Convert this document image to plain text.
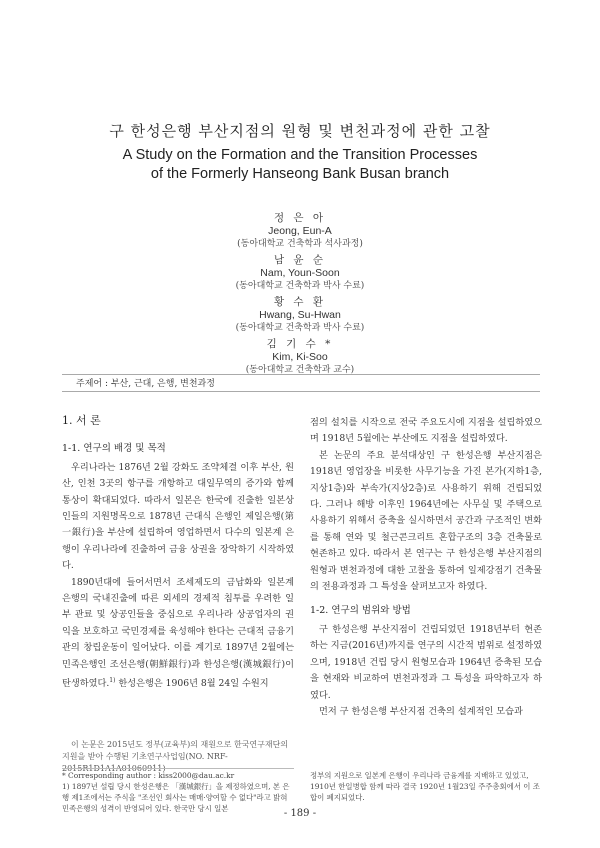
구 한성은행 부산지점의 원형 및 변천과정에 관한 고찰
A Study on the Formation and the Transition Processes
of the Formerly Hanseong Bank Busan branch
정 은 아
Jeong, Eun-A
(동아대학교 건축학과 석사과정)
남 윤 순
Nam, Youn-Soon
(동아대학교 건축학과 박사 수료)
황 수 환
Hwang, Su-Hwan
(동아대학교 건축학과 박사 수료)
김 기 수 *
Kim, Ki-Soo
(동아대학교 건축학과 교수)
주제어 : 부산, 근대, 은행, 변천과정
1. 서 론
1-1. 연구의 배경 및 목적

우리나라는 1876년 2월 강화도 조약체결 이후 부산, 원산, 인천 3곳의 항구를 개항하고 대일무역의 증가와 함께 통상이 확대되었다. 따라서 일본은 한국에 진출한 일본상인들의 지원명목으로 1878년 근대식 은행인 제일은행(第一銀行)을 부산에 설립하여 영업하면서 다수의 일본계 은행이 우리나라에 진출하여 금융 상권을 장악하기 시작하였다.

1890년대에 들어서면서 조세제도의 금납화와 일본계 은행의 국내진출에 따른 외세의 경제적 침투를 우려한 일부 관료 및 상공인들을 중심으로 우리나라 상공업자의 권익을 보호하고 국민경제를 육성해야 한다는 근대적 금융기관의 창립운동이 일어났다. 이를 계기로 1897년 2월에는 민족은행인 조선은행(朝鮮銀行)과 한성은행(漢城銀行)이 탄생하였다.$^{1)}$ 한성은행은 1906년 8월 24일 수원지

이 논문은 2015년도 정부(교육부)의 재원으로 한국연구재단의 지원을 받아 수행된 기초연구사업임(NO. NRF-2015R1D1A1A01060911)
* Corresponding author : kiss2000@dau.ac.kr
1) 1897년 설립 당시 한성은행은 「漢城銀行」을 제정하였으며, 본 은행 제1조에서는 주식을 "조선인 회사는 매매·양여할 수 없다"라고 밝혀 민족은행의 성격이 반영되어 있다. 한국만 당시 일본

점의 설치를 시작으로 전국 주요도시에 지점을 설립하였으며 1918년 5월에는 부산에도 지점을 설립하였다.

본 논문의 주요 분석대상인 구 한성은행 부산지점은 1918년 영업장을 비롯한 사무기능을 가진 본가(지하1층, 지상1층)와 부속가(지상2층)로 사용하기 위해 건립되었다. 그러나 해방 이후인 1964년에는 사무실 및 주택으로 사용하기 위해서 증축을 실시하면서 공간과 구조적인 변화를 통해 연와 및 철근콘크리트 혼합구조의 3층 건축물로 현존하고 있다. 따라서 본 연구는 구 한성은행 부산지점의 원형과 변천과정에 대한 고찰을 통하여 일제강점기 건축물의 전용과정과 그 특성을 살펴보고자 하였다.

1-2. 연구의 범위와 방법

구 한성은행 부산지점이 건립되었던 1918년부터 현존하는 지금(2016년)까지를 연구의 시간적 범위로 설정하였으며, 1918년 건립 당시 원형모습과 1964년 증축된 모습을 현재와 비교하여 변천과정과 그 특성을 파악하고자 하였다.

먼저 구 한성은행 부산지점 건축의 설계적인 모습과

정부의 지원으로 일본계 은행이 우리나라 금융계를 지배하고 있었고, 1910년 한일병합 함께 따라 결국 1920년 1월23일 주주총회에서 이 조합이 폐지되었다.
- 189 -
